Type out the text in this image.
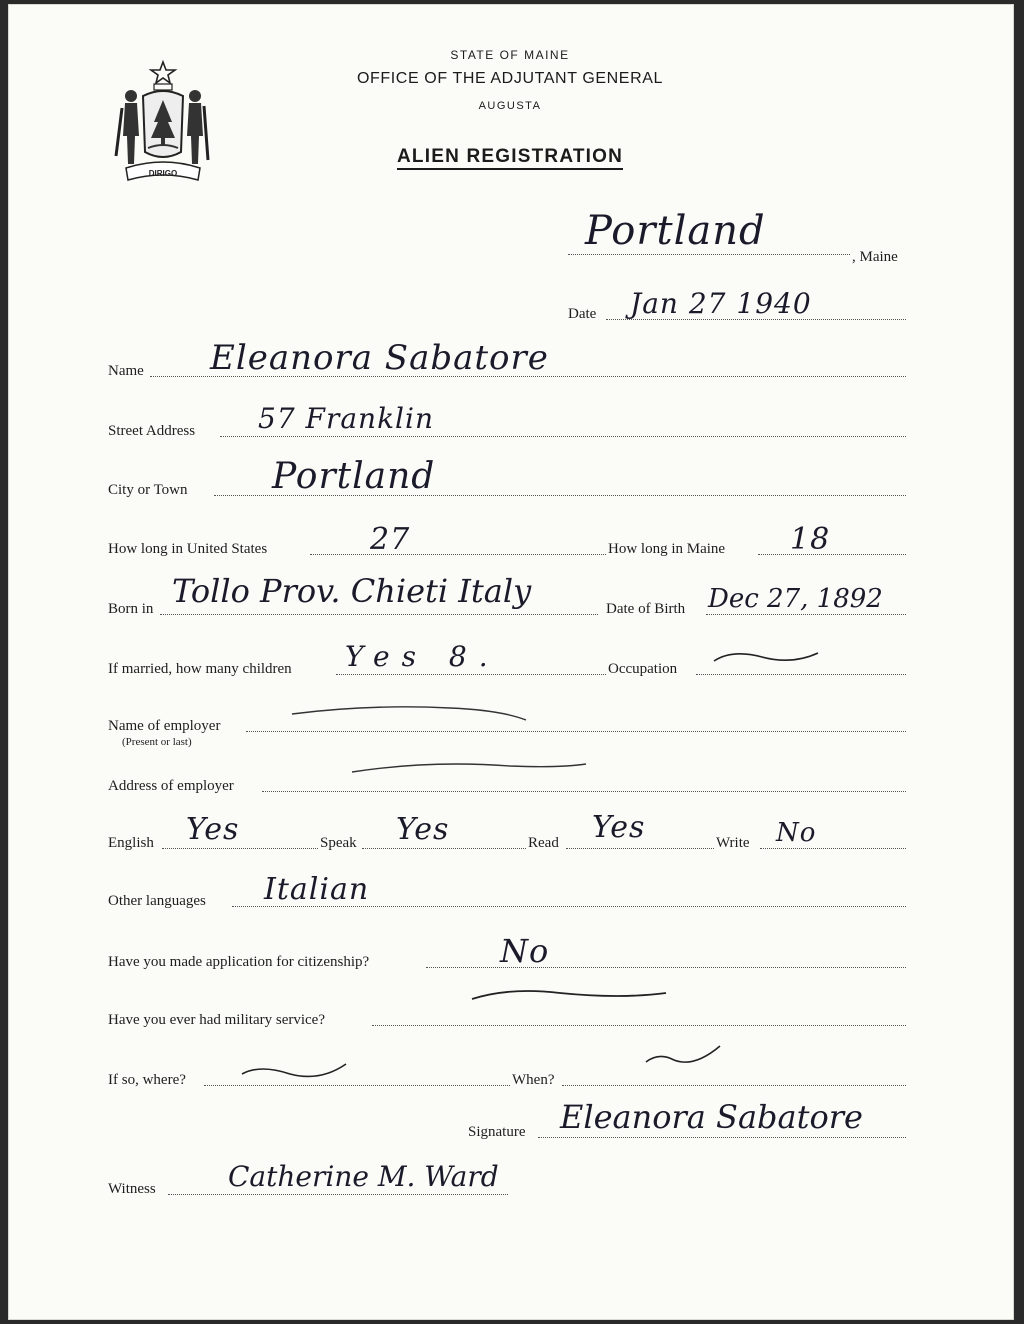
DIRIGO
STATE OF MAINE
OFFICE OF THE ADJUTANT GENERAL
AUGUSTA
ALIEN REGISTRATION
Portland
, Maine
Date Jan 27 1940
Name Eleanora Sabatore
Street Address 57 Franklin
City or Town Portland
How long in United States	27	How long in Maine 18
Born in Tollo Prov. Chieti Italy	Date of Birth Dec 27, 1892
If married, how many children Yes 8.	Occupation
Name of employer
(Present or last)
Address of employer
English Yes	Speak Yes	Read Yes	Write No
Other languages Italian
Have you made application for citizenship?	No
Have you ever had military service?
If so, where?	When?
Signature Eleanora Sabatore
Witness	Catherine M. Ward
